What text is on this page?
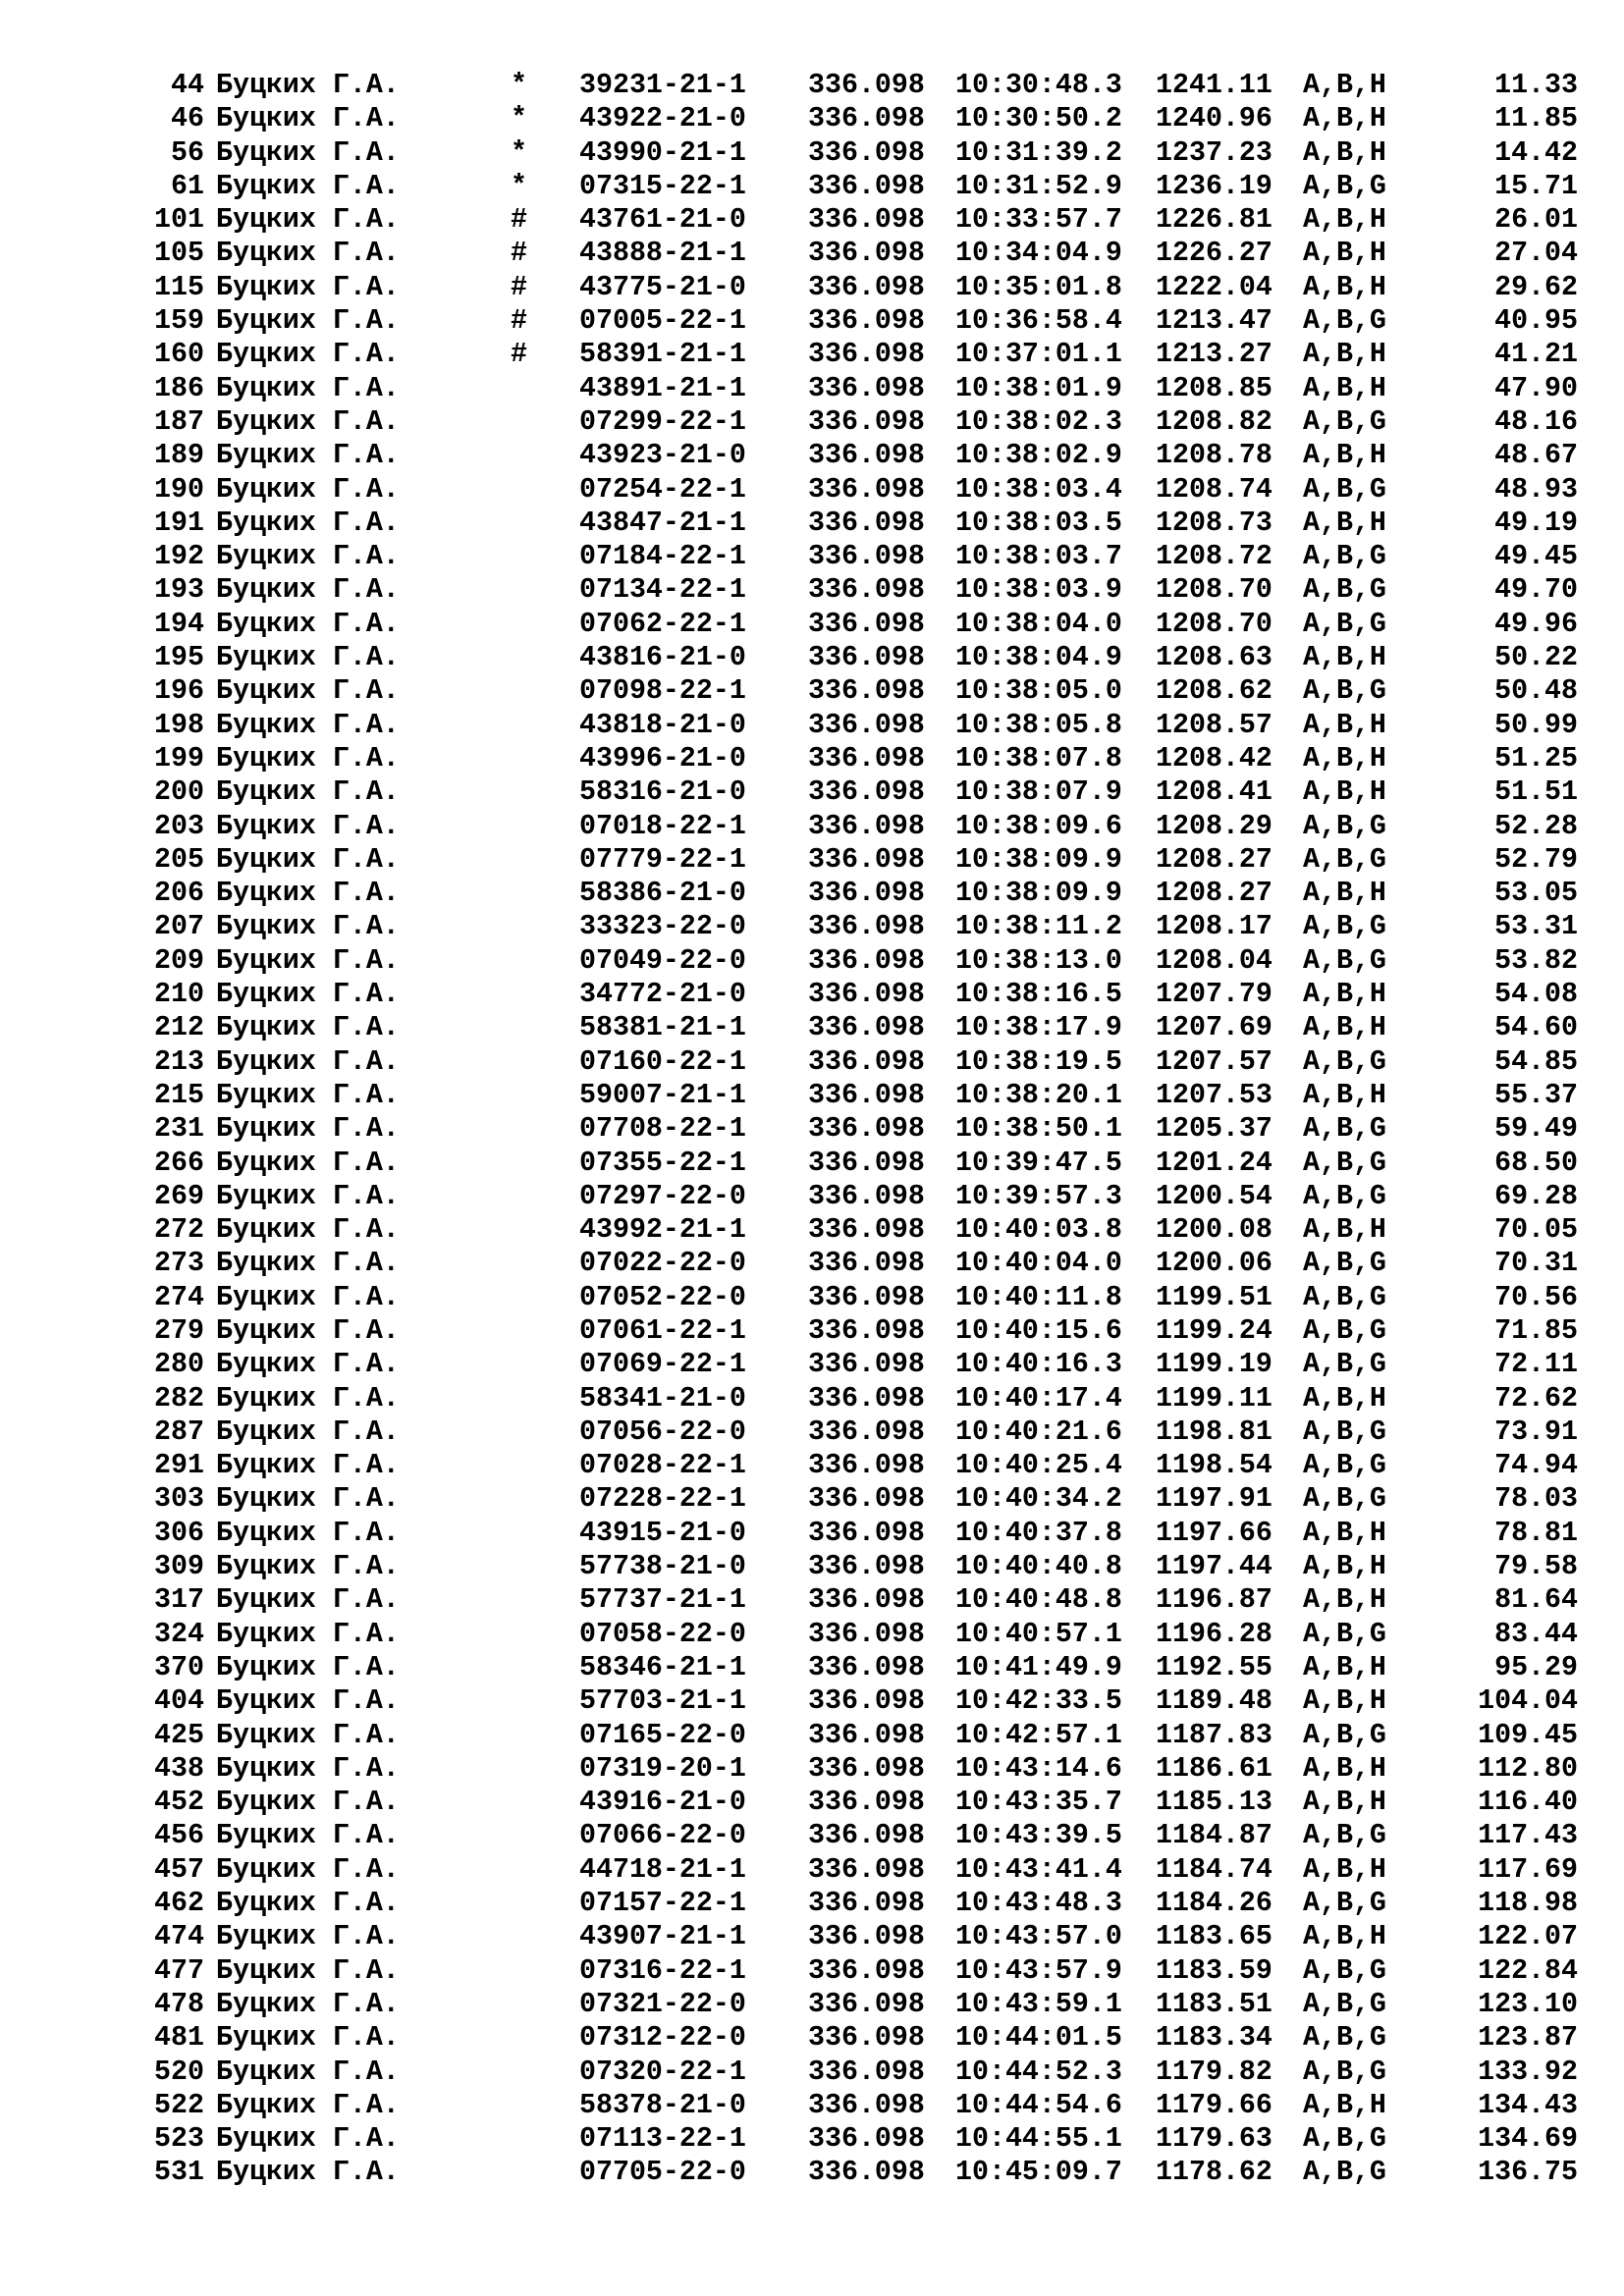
44 Буцких Г.А.	* 39231-21-1 336.098 10:30:48.3 1241.11 A,B,H	11.33
46 Буцких Г.А.	* 43922-21-0 336.098 10:30:50.2 1240.96 A,B,H	11.85
56 Буцких Г.А.	* 43990-21-1 336.098 10:31:39.2 1237.23 A,B,H	14.42
61 Буцких Г.А.	* 07315-22-1 336.098 10:31:52.9 1236.19 A,B,G	15.71
101 Буцких Г.А.	# 43761-21-0 336.098 10:33:57.7 1226.81 A,B,H	26.01
105 Буцких Г.А.	# 43888-21-1 336.098 10:34:04.9 1226.27 A,B,H	27.04
115 Буцких Г.А.	# 43775-21-0 336.098 10:35:01.8 1222.04 A,B,H	29.62
159 Буцких Г.А.	# 07005-22-1 336.098 10:36:58.4 1213.47 A,B,G	40.95
160 Буцких Г.А.	# 58391-21-1 336.098 10:37:01.1 1213.27 A,B,H	41.21
186 Буцких Г.А.	43891-21-1 336.098 10:38:01.9 1208.85 A,B,H	47.90
187 Буцких Г.А.	07299-22-1 336.098 10:38:02.3 1208.82 A,B,G	48.16
189 Буцких Г.А.	43923-21-0 336.098 10:38:02.9 1208.78 A,B,H	48.67
190 Буцких Г.А.	07254-22-1 336.098 10:38:03.4 1208.74 A,B,G	48.93
191 Буцких Г.А.	43847-21-1 336.098 10:38:03.5 1208.73 A,B,H	49.19
192 Буцких Г.А.	07184-22-1 336.098 10:38:03.7 1208.72 A,B,G	49.45
193 Буцких Г.А.	07134-22-1 336.098 10:38:03.9 1208.70 A,B,G	49.70
194 Буцких Г.А.	07062-22-1 336.098 10:38:04.0 1208.70 A,B,G	49.96
195 Буцких Г.А.	43816-21-0 336.098 10:38:04.9 1208.63 A,B,H	50.22
196 Буцких Г.А.	07098-22-1 336.098 10:38:05.0 1208.62 A,B,G	50.48
198 Буцких Г.А.	43818-21-0 336.098 10:38:05.8 1208.57 A,B,H	50.99
199 Буцких Г.А.	43996-21-0 336.098 10:38:07.8 1208.42 A,B,H	51.25
200 Буцких Г.А.	58316-21-0 336.098 10:38:07.9 1208.41 A,B,H	51.51
203 Буцких Г.А.	07018-22-1 336.098 10:38:09.6 1208.29 A,B,G	52.28
205 Буцких Г.А.	07779-22-1 336.098 10:38:09.9 1208.27 A,B,G	52.79
206 Буцких Г.А.	58386-21-0 336.098 10:38:09.9 1208.27 A,B,H	53.05
207 Буцких Г.А.	33323-22-0 336.098 10:38:11.2 1208.17 A,B,G	53.31
209 Буцких Г.А.	07049-22-0 336.098 10:38:13.0 1208.04 A,B,G	53.82
210 Буцких Г.А.	34772-21-0 336.098 10:38:16.5 1207.79 A,B,H	54.08
212 Буцких Г.А.	58381-21-1 336.098 10:38:17.9 1207.69 A,B,H	54.60
213 Буцких Г.А.	07160-22-1 336.098 10:38:19.5 1207.57 A,B,G	54.85
215 Буцких Г.А.	59007-21-1 336.098 10:38:20.1 1207.53 A,B,H	55.37
231 Буцких Г.А.	07708-22-1 336.098 10:38:50.1 1205.37 A,B,G	59.49
266 Буцких Г.А.	07355-22-1 336.098 10:39:47.5 1201.24 A,B,G	68.50
269 Буцких Г.А.	07297-22-0 336.098 10:39:57.3 1200.54 A,B,G	69.28
272 Буцких Г.А.	43992-21-1 336.098 10:40:03.8 1200.08 A,B,H	70.05
273 Буцких Г.А.	07022-22-0 336.098 10:40:04.0 1200.06 A,B,G	70.31
274 Буцких Г.А.	07052-22-0 336.098 10:40:11.8 1199.51 A,B,G	70.56
279 Буцких Г.А.	07061-22-1 336.098 10:40:15.6 1199.24 A,B,G	71.85
280 Буцких Г.А.	07069-22-1 336.098 10:40:16.3 1199.19 A,B,G	72.11
282 Буцких Г.А.	58341-21-0 336.098 10:40:17.4 1199.11 A,B,H	72.62
287 Буцких Г.А.	07056-22-0 336.098 10:40:21.6 1198.81 A,B,G	73.91
291 Буцких Г.А.	07028-22-1 336.098 10:40:25.4 1198.54 A,B,G	74.94
303 Буцких Г.А.	07228-22-1 336.098 10:40:34.2 1197.91 A,B,G	78.03
306 Буцких Г.А.	43915-21-0 336.098 10:40:37.8 1197.66 A,B,H	78.81
309 Буцких Г.А.	57738-21-0 336.098 10:40:40.8 1197.44 A,B,H	79.58
317 Буцких Г.А.	57737-21-1 336.098 10:40:48.8 1196.87 A,B,H	81.64
324 Буцких Г.А.	07058-22-0 336.098 10:40:57.1 1196.28 A,B,G	83.44
370 Буцких Г.А.	58346-21-1 336.098 10:41:49.9 1192.55 A,B,H	95.29
404 Буцких Г.А.	57703-21-1 336.098 10:42:33.5 1189.48 A,B,H	104.04
425 Буцких Г.А.	07165-22-0 336.098 10:42:57.1 1187.83 A,B,G	109.45
438 Буцких Г.А.	07319-20-1 336.098 10:43:14.6 1186.61 A,B,H	112.80
452 Буцких Г.А.	43916-21-0 336.098 10:43:35.7 1185.13 A,B,H	116.40
456 Буцких Г.А.	07066-22-0 336.098 10:43:39.5 1184.87 A,B,G	117.43
457 Буцких Г.А.	44718-21-1 336.098 10:43:41.4 1184.74 A,B,H	117.69
462 Буцких Г.А.	07157-22-1 336.098 10:43:48.3 1184.26 A,B,G	118.98
474 Буцких Г.А.	43907-21-1 336.098 10:43:57.0 1183.65 A,B,H	122.07
477 Буцких Г.А.	07316-22-1 336.098 10:43:57.9 1183.59 A,B,G	122.84
478 Буцких Г.А.	07321-22-0 336.098 10:43:59.1 1183.51 A,B,G	123.10
481 Буцких Г.А.	07312-22-0 336.098 10:44:01.5 1183.34 A,B,G	123.87
520 Буцких Г.А.	07320-22-1 336.098 10:44:52.3 1179.82 A,B,G	133.92
522 Буцких Г.А.	58378-21-0 336.098 10:44:54.6 1179.66 A,B,H	134.43
523 Буцких Г.А.	07113-22-1 336.098 10:44:55.1 1179.63 A,B,G	134.69
531 Буцких Г.А.	07705-22-0 336.098 10:45:09.7 1178.62 A,B,G	136.75
